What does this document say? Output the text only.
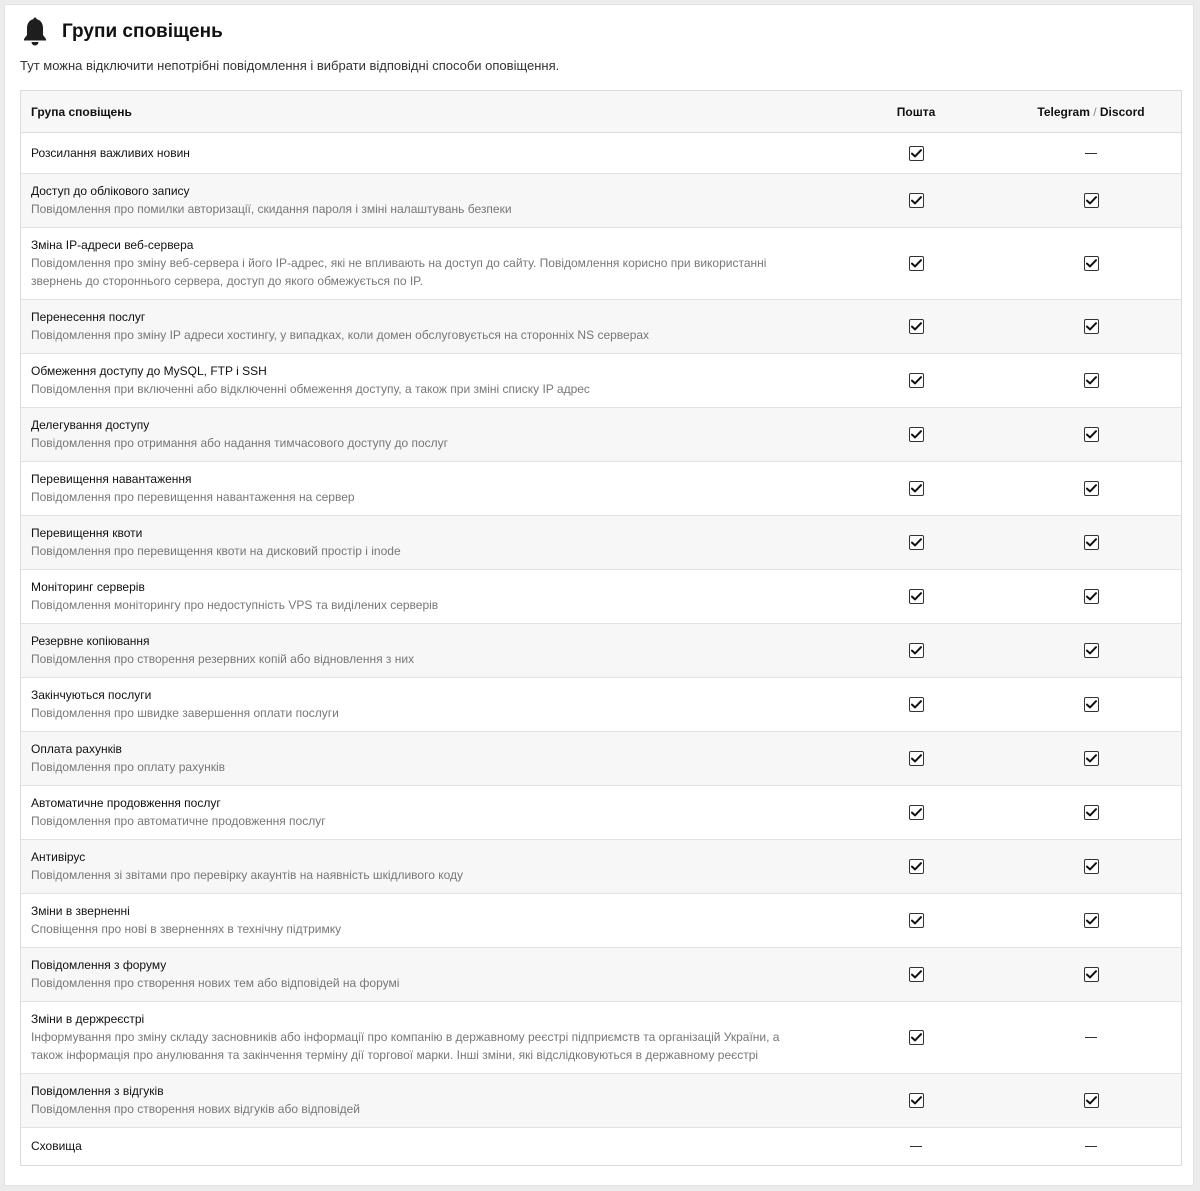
Групи сповіщень
Тут можна відключити непотрібні повідомлення і вибрати відповідні способи оповіщення.
Група сповіщень	Пошта	Telegram / Discord
Розсилання важливих новин
Доступ до облікового запису
Повідомлення про помилки авторизації, скидання пароля і зміні налаштувань безпеки
Зміна IP-адреси веб-сервера
Повідомлення про зміну веб-сервера і його IP-адрес, які не впливають на доступ до сайту. Повідомлення корисно при використанні звернень до стороннього сервера, доступ до якого обмежується по IP.
Перенесення послуг
Повідомлення про зміну IP адреси хостингу, у випадках, коли домен обслуговується на сторонніх NS серверах
Обмеження доступу до MySQL, FTP і SSH
Повідомлення при включенні або відключенні обмеження доступу, а також при зміні списку IP адрес
Делегування доступу
Повідомлення про отримання або надання тимчасового доступу до послуг
Перевищення навантаження
Повідомлення про перевищення навантаження на сервер
Перевищення квоти
Повідомлення про перевищення квоти на дисковий простір і inode
Моніторинг серверів
Повідомлення моніторингу про недоступність VPS та виділених серверів
Резервне копіювання
Повідомлення про створення резервних копій або відновлення з них
Закінчуються послуги
Повідомлення про швидке завершення оплати послуги
Оплата рахунків
Повідомлення про оплату рахунків
Автоматичне продовження послуг
Повідомлення про автоматичне продовження послуг
Антивірус
Повідомлення зі звітами про перевірку акаунтів на наявність шкідливого коду
Зміни в зверненні
Сповіщення про нові в зверненнях в технічну підтримку
Повідомлення з форуму
Повідомлення про створення нових тем або відповідей на форумі
Зміни в держреєстрі
Інформування про зміну складу засновників або інформації про компанію в державному реєстрі підприємств та організацій України, а також інформація про анулювання та закінчення терміну дії торгової марки. Інші зміни, які відслідковуються в державному реєстрі
Повідомлення з відгуків
Повідомлення про створення нових відгуків або відповідей
Сховища
